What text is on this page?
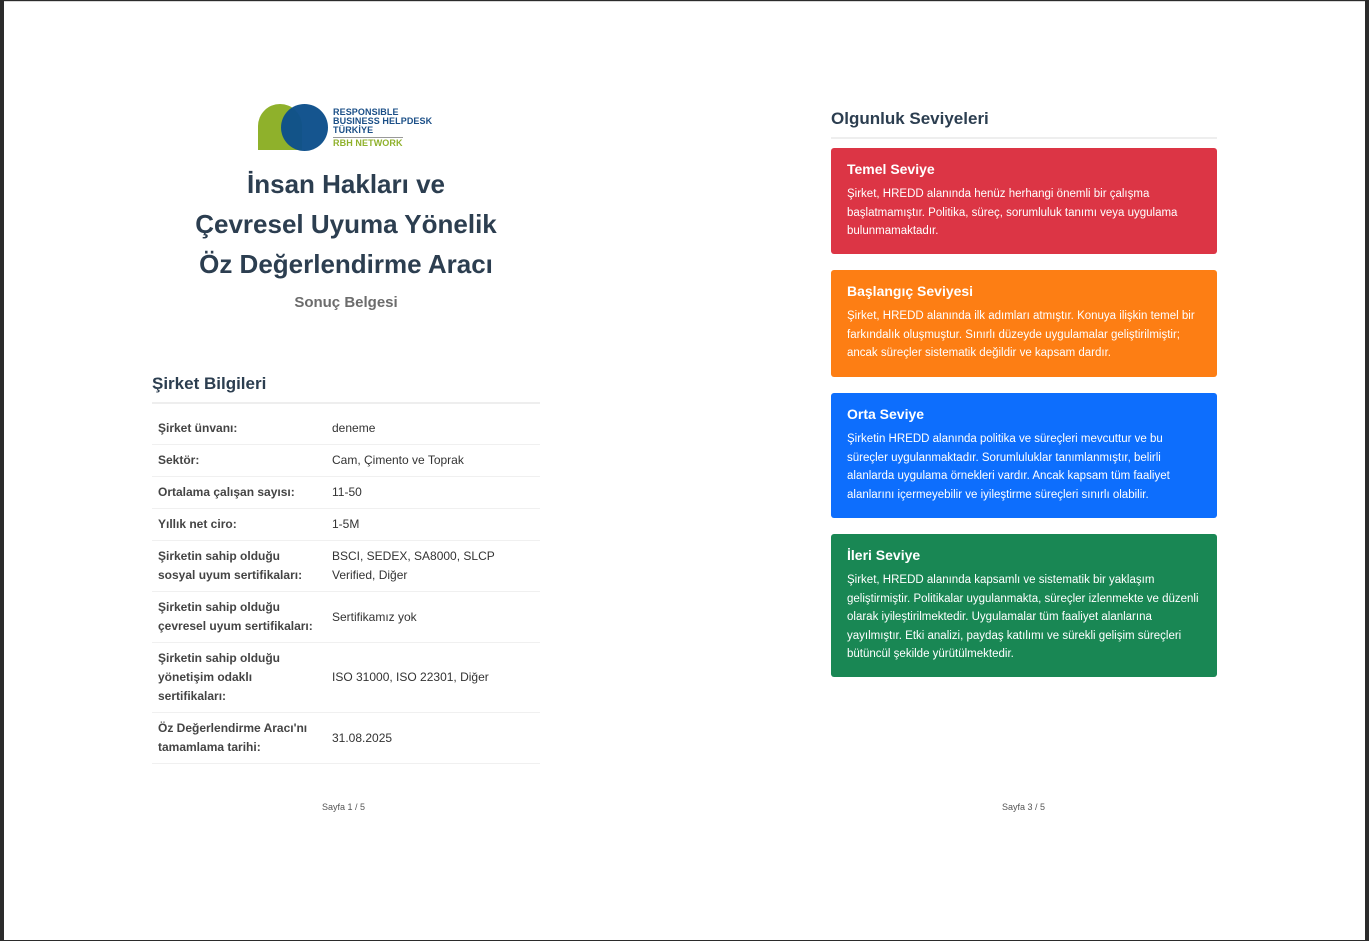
RESPONSIBLE
BUSINESS HELPDESK
TÜRKİYE
RBH NETWORK
İnsan Hakları ve Çevresel Uyuma Yönelik Öz Değerlendirme Aracı
Sonuç Belgesi
Şirket Bilgileri
Şirket ünvanı:	deneme
Sektör:	Cam, Çimento ve Toprak
Ortalama çalışan sayısı:	11-50
Yıllık net ciro:	1-5M
Şirketin sahip olduğu sosyal uyum sertifikaları:	BSCI, SEDEX, SA8000, SLCP Verified, Diğer
Şirketin sahip olduğu çevresel uyum sertifikaları:	Sertifikamız yok
Şirketin sahip olduğu yönetişim odaklı sertifikaları:	ISO 31000, ISO 22301, Diğer
Öz Değerlendirme Aracı'nı tamamlama tarihi:	31.08.2025
Sayfa 1 / 5
Olgunluk Seviyeleri
Temel Seviye
Şirket, HREDD alanında henüz herhangi önemli bir çalışma başlatmamıştır. Politika, süreç, sorumluluk tanımı veya uygulama bulunmamaktadır.
Başlangıç Seviyesi
Şirket, HREDD alanında ilk adımları atmıştır. Konuya ilişkin temel bir farkındalık oluşmuştur. Sınırlı düzeyde uygulamalar geliştirilmiştir; ancak süreçler sistematik değildir ve kapsam dardır.
Orta Seviye
Şirketin HREDD alanında politika ve süreçleri mevcuttur ve bu süreçler uygulanmaktadır. Sorumluluklar tanımlanmıştır, belirli alanlarda uygulama örnekleri vardır. Ancak kapsam tüm faaliyet alanlarını içermeyebilir ve iyileştirme süreçleri sınırlı olabilir.
İleri Seviye
Şirket, HREDD alanında kapsamlı ve sistematik bir yaklaşım geliştirmiştir. Politikalar uygulanmakta, süreçler izlenmekte ve düzenli olarak iyileştirilmektedir. Uygulamalar tüm faaliyet alanlarına yayılmıştır. Etki analizi, paydaş katılımı ve sürekli gelişim süreçleri bütüncül şekilde yürütülmektedir.
Sayfa 3 / 5
